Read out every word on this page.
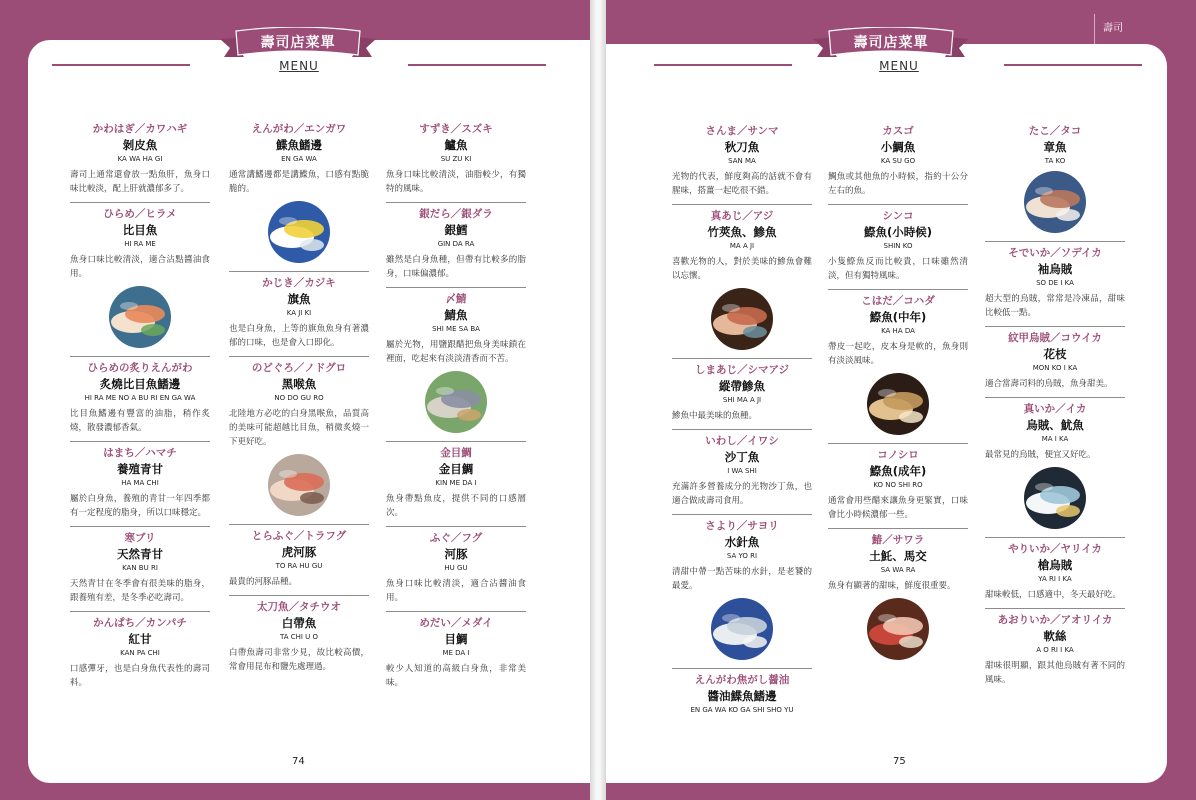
壽司店菜單
MENU
かわはぎ／カワハギ
剝皮魚
KA WA HA GI
壽司上通常還會放一點魚肝，魚身口味比較淡，配上肝就濃郁多了。
ひらめ／ヒラメ
比目魚
HI RA ME
魚身口味比較清淡，適合沾點醬油食用。
ひらめの炙りえんがわ
炙燒比目魚鰭邊
HI RA ME NO A BU RI EN GA WA
比目魚鰭邊有豐富的油脂，稍作炙燒，散發濃郁香氣。
はまち／ハマチ
養殖青甘
HA MA CHI
屬於白身魚，養殖的青甘一年四季都有一定程度的脂身，所以口味穩定。
寒ブリ
天然青甘
KAN BU RI
天然青甘在冬季會有很美味的脂身，跟養殖有差，是冬季必吃壽司。
かんぱち／カンパチ
紅甘
KAN PA CHI
口感彈牙，也是白身魚代表性的壽司料。
えんがわ／エンガワ
鰈魚鰭邊
EN GA WA
通常講鰭邊都是講鰈魚，口感有點脆脆的。
かじき／カジキ
旗魚
KA JI KI
也是白身魚，上等的旗魚魚身有著濃郁的口味，也是會入口即化。
のどぐろ／ノドグロ
黑喉魚
NO DO GU RO
北陸地方必吃的白身黑喉魚，品質高的美味可能超越比目魚，稍微炙燒一下更好吃。
とらふぐ／トラフグ
虎河豚
TO RA HU GU
最貴的河豚品種。
太刀魚／タチウオ
白帶魚
TA CHI U O
白帶魚壽司非常少見，故比較高價，常會用昆布和鹽先處理過。
すずき／スズキ
鱸魚
SU ZU KI
魚身口味比較清淡，油脂較少，有獨特的風味。
銀だら／銀ダラ
銀鱈
GIN DA RA
雖然是白身魚種，但帶有比較多的脂身，口味偏濃郁。
〆鯖
鯖魚
SHI ME SA BA
屬於光物，用鹽跟醋把魚身美味鎖在裡面，吃起來有淡淡清香而不苦。
金目鯛
金目鯛
KIN ME DA I
魚身帶點魚皮，提供不同的口感層次。
ふぐ／フグ
河豚
HU GU
魚身口味比較清淡，適合沾醬油食用。
めだい／メダイ
目鯛
ME DA I
較少人知道的高級白身魚，非常美味。
74
壽司
壽司店菜單
MENU
さんま／サンマ
秋刀魚
SAN MA
光物的代表，鮮度夠高的話就不會有腥味，搭薑一起吃很不錯。
真あじ／アジ
竹莢魚、鯵魚
MA A JI
喜歡光物的人，對於美味的鯵魚會難以忘懷。
しまあじ／シマアジ
縱帶鯵魚
SHI MA A JI
鯵魚中最美味的魚種。
いわし／イワシ
沙丁魚
I WA SHI
充滿許多營養成分的光物沙丁魚，也適合做成壽司食用。
さより／サヨリ
水針魚
SA YO RI
清甜中帶一點苦味的水針，是老饕的最愛。
えんがわ焦がし醤油
醬油鰈魚鰭邊
EN GA WA KO GA SHI SHO YU
カスゴ
小鯛魚
KA SU GO
鯛魚或其他魚的小時候，指約十公分左右的魚。
シンコ
鰶魚(小時候)
SHIN KO
小隻鰶魚反而比較貴，口味雖然清淡，但有獨特風味。
こはだ／コハダ
鰶魚(中年)
KA HA DA
帶皮一起吃，皮本身是軟的，魚身則有淡淡風味。
コノシロ
鰶魚(成年)
KO NO SHI RO
通常會用些醋來讓魚身更緊實，口味會比小時候濃郁一些。
鰆／サワラ
土魠、馬交
SA WA RA
魚身有顯著的甜味，鮮度很重要。
たこ／タコ
章魚
TA KO
そでいか／ソデイカ
袖烏賊
SO DE I KA
超大型的烏賊，常常是冷凍品，甜味比較低一點。
紋甲烏賊／コウイカ
花枝
MON KO I KA
適合當壽司料的烏賊，魚身甜美。
真いか／イカ
烏賊、魷魚
MA I KA
最常見的烏賊，便宜又好吃。
やりいか／ヤリイカ
槍烏賊
YA RI I KA
甜味較低，口感適中，冬天最好吃。
あおりいか／アオリイカ
軟絲
A O RI I KA
甜味很明顯，跟其他烏賊有著不同的風味。
75
